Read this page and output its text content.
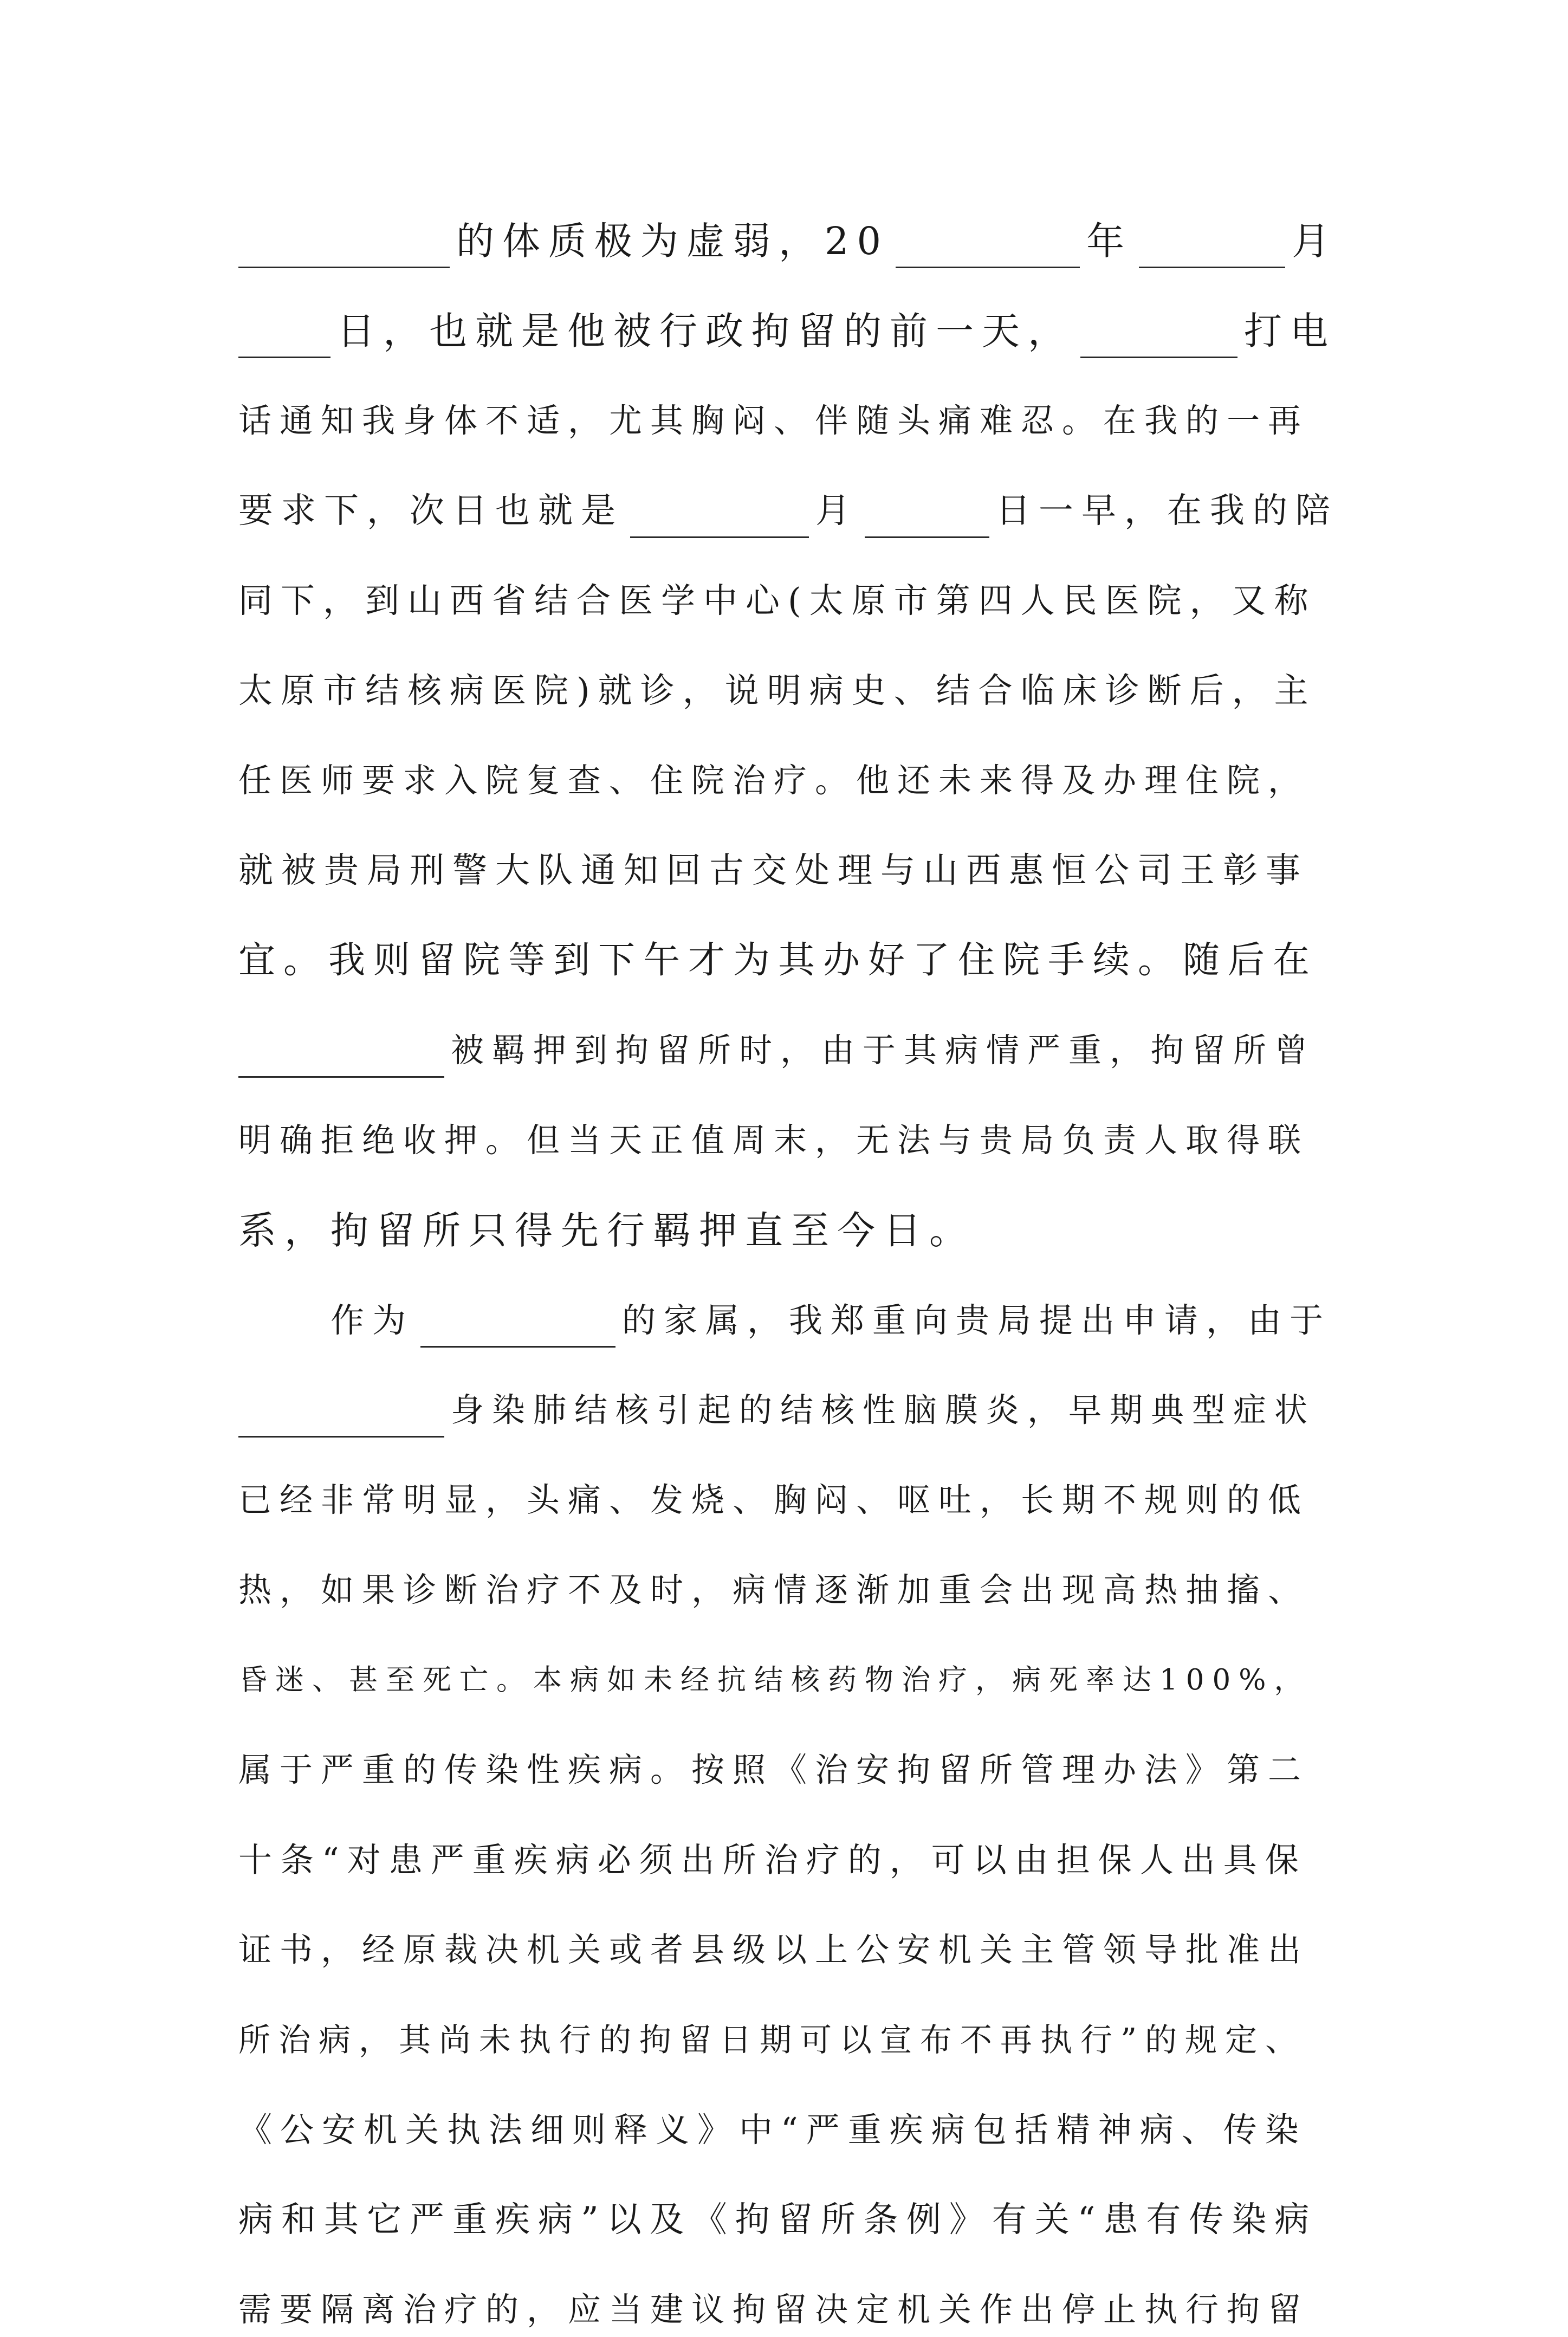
的体质极为虚弱，20	年	月
日，也就是他被行政拘留的前一天，	打电
话通知我身体不适，尤其胸闷、伴随头痛难忍。在我的一再
要求下，次日也就是	月	日一早，在我的陪
同下，到山西省结合医学中心(太原市第四人民医院，又称
太原市结核病医院)就诊，说明病史、结合临床诊断后，主
任医师要求入院复查、住院治疗。他还未来得及办理住院，
就被贵局刑警大队通知回古交处理与山西惠恒公司王彰事
宜。我则留院等到下午才为其办好了住院手续。随后在
被羁押到拘留所时，由于其病情严重，拘留所曾
明确拒绝收押。但当天正值周末，无法与贵局负责人取得联
系，拘留所只得先行羁押直至今日。
作为	的家属，我郑重向贵局提出申请，由于
身染肺结核引起的结核性脑膜炎，早期典型症状
已经非常明显，头痛、发烧、胸闷、呕吐，长期不规则的低
热，如果诊断治疗不及时，病情逐渐加重会出现高热抽搐、
昏迷、甚至死亡。本病如未经抗结核药物治疗，病死率达100%，
属于严重的传染性疾病。按照《治安拘留所管理办法》第二
十条“对患严重疾病必须出所治疗的，可以由担保人出具保
证书，经原裁决机关或者县级以上公安机关主管领导批准出
所治病，其尚未执行的拘留日期可以宣布不再执行”的规定、
《公安机关执法细则释义》中“严重疾病包括精神病、传染
病和其它严重疾病”以及《拘留所条例》有关“患有传染病
需要隔离治疗的，应当建议拘留决定机关作出停止执行拘留
